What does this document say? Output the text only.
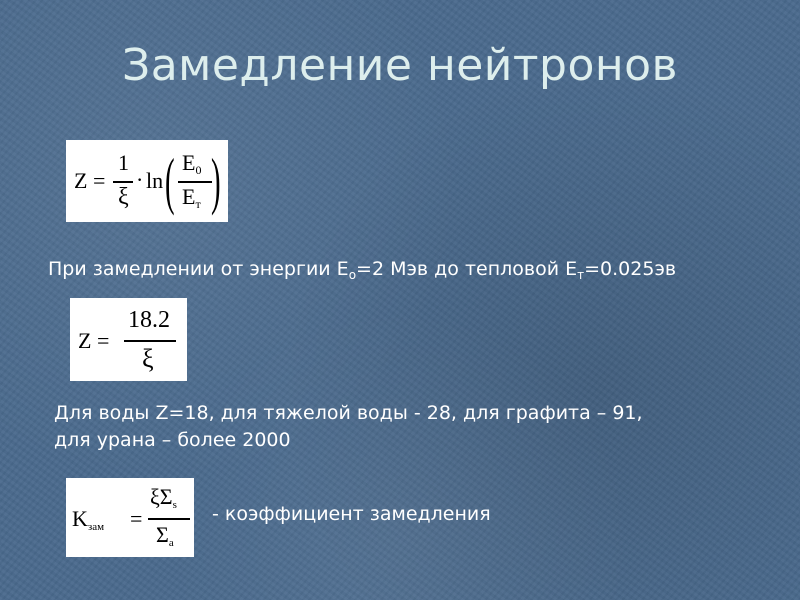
Замедление нейтронов
Z =
1
ξ
· ln ( $E_0$
$E_т$ )
При замедлении от энергии $E_o=2$ Мэв до тепловой $E_т=0.025эв$
Z =
18.2
ξ
Для воды Z=18, для тяжелой воды - 28, для графита – 91,
для урана – более 2000
$K_{зам}$ =
$\xi\Sigma_s$
$\Sigma_a$
- коэффициент замедления
